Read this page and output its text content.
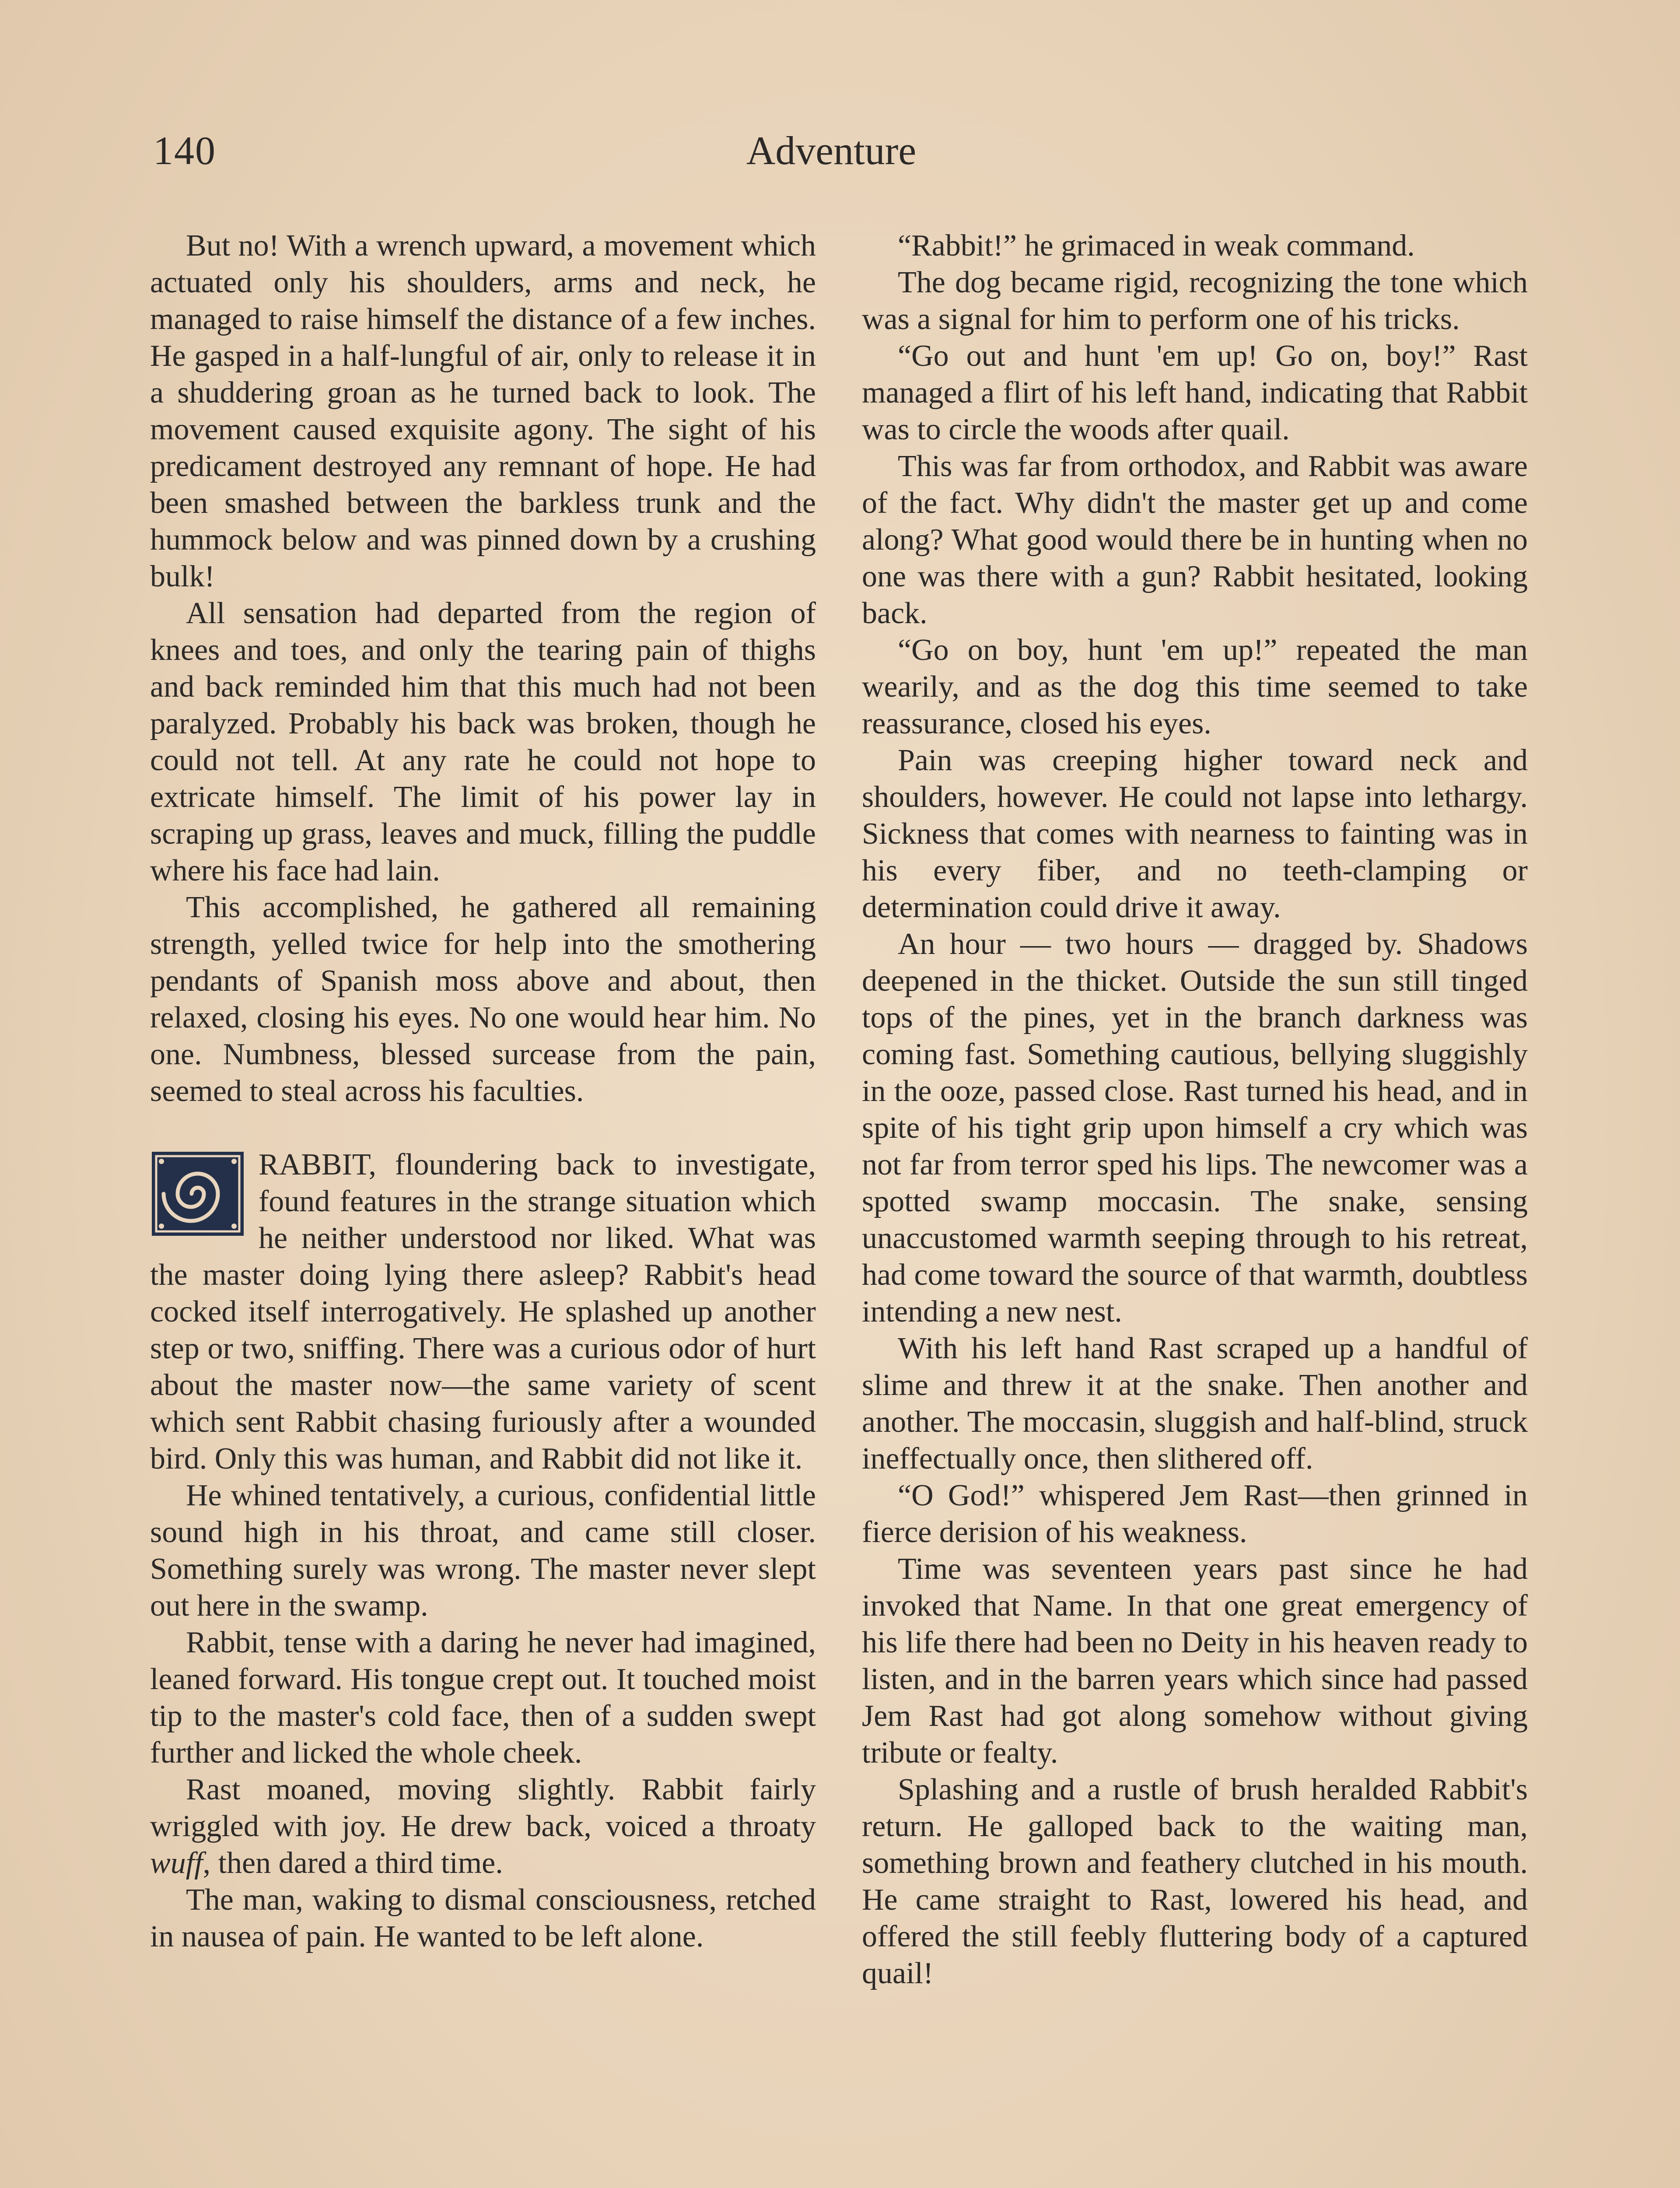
140	Adventure

But no! With a wrench upward, a movement which actuated only his shoulders, arms and neck, he managed to raise himself the distance of a few inches. He gasped in a half-lungful of air, only to release it in a shuddering groan as he turned back to look. The movement caused exquisite agony. The sight of his predicament destroyed any remnant of hope. He had been smashed between the barkless trunk and the hummock below and was pinned down by a crushing bulk!

All sensation had departed from the region of knees and toes, and only the tearing pain of thighs and back reminded him that this much had not been paralyzed. Probably his back was broken, though he could not tell. At any rate he could not hope to extricate himself. The limit of his power lay in scraping up grass, leaves and muck, filling the puddle where his face had lain.

This accomplished, he gathered all remaining strength, yelled twice for help into the smothering pendants of Spanish moss above and about, then relaxed, closing his eyes. No one would hear him. No one. Numbness, blessed surcease from the pain, seemed to steal across his faculties.

RABBIT, floundering back to investigate, found features in the strange situation which he neither understood nor liked. What was the master doing lying there asleep? Rabbit's head cocked itself interrogatively. He splashed up another step or two, sniffing. There was a curious odor of hurt about the master now—the same variety of scent which sent Rabbit chasing furiously after a wounded bird. Only this was human, and Rabbit did not like it.

He whined tentatively, a curious, confidential little sound high in his throat, and came still closer. Something surely was wrong. The master never slept out here in the swamp.

Rabbit, tense with a daring he never had imagined, leaned forward. His tongue crept out. It touched moist tip to the master's cold face, then of a sudden swept further and licked the whole cheek.

Rast moaned, moving slightly. Rabbit fairly wriggled with joy. He drew back, voiced a throaty wuff, then dared a third time.

The man, waking to dismal consciousness, retched in nausea of pain. He wanted to be left alone.

“Rabbit!” he grimaced in weak command.

The dog became rigid, recognizing the tone which was a signal for him to perform one of his tricks.

“Go out and hunt 'em up! Go on, boy!” Rast managed a flirt of his left hand, indicating that Rabbit was to circle the woods after quail.

This was far from orthodox, and Rabbit was aware of the fact. Why didn't the master get up and come along? What good would there be in hunting when no one was there with a gun? Rabbit hesitated, looking back.

“Go on boy, hunt 'em up!” repeated the man wearily, and as the dog this time seemed to take reassurance, closed his eyes.

Pain was creeping higher toward neck and shoulders, however. He could not lapse into lethargy. Sickness that comes with nearness to fainting was in his every fiber, and no teeth-clamping or determination could drive it away.

An hour — two hours — dragged by. Shadows deepened in the thicket. Outside the sun still tinged tops of the pines, yet in the branch darkness was coming fast. Something cautious, bellying sluggishly in the ooze, passed close. Rast turned his head, and in spite of his tight grip upon himself a cry which was not far from terror sped his lips. The newcomer was a spotted swamp moccasin. The snake, sensing unaccustomed warmth seeping through to his retreat, had come toward the source of that warmth, doubtless intending a new nest.

With his left hand Rast scraped up a handful of slime and threw it at the snake. Then another and another. The moccasin, sluggish and half-blind, struck ineffectually once, then slithered off.

“O God!” whispered Jem Rast—then grinned in fierce derision of his weakness.

Time was seventeen years past since he had invoked that Name. In that one great emergency of his life there had been no Deity in his heaven ready to listen, and in the barren years which since had passed Jem Rast had got along somehow without giving tribute or fealty.

Splashing and a rustle of brush heralded Rabbit's return. He galloped back to the waiting man, something brown and feathery clutched in his mouth. He came straight to Rast, lowered his head, and offered the still feebly fluttering body of a captured quail!
